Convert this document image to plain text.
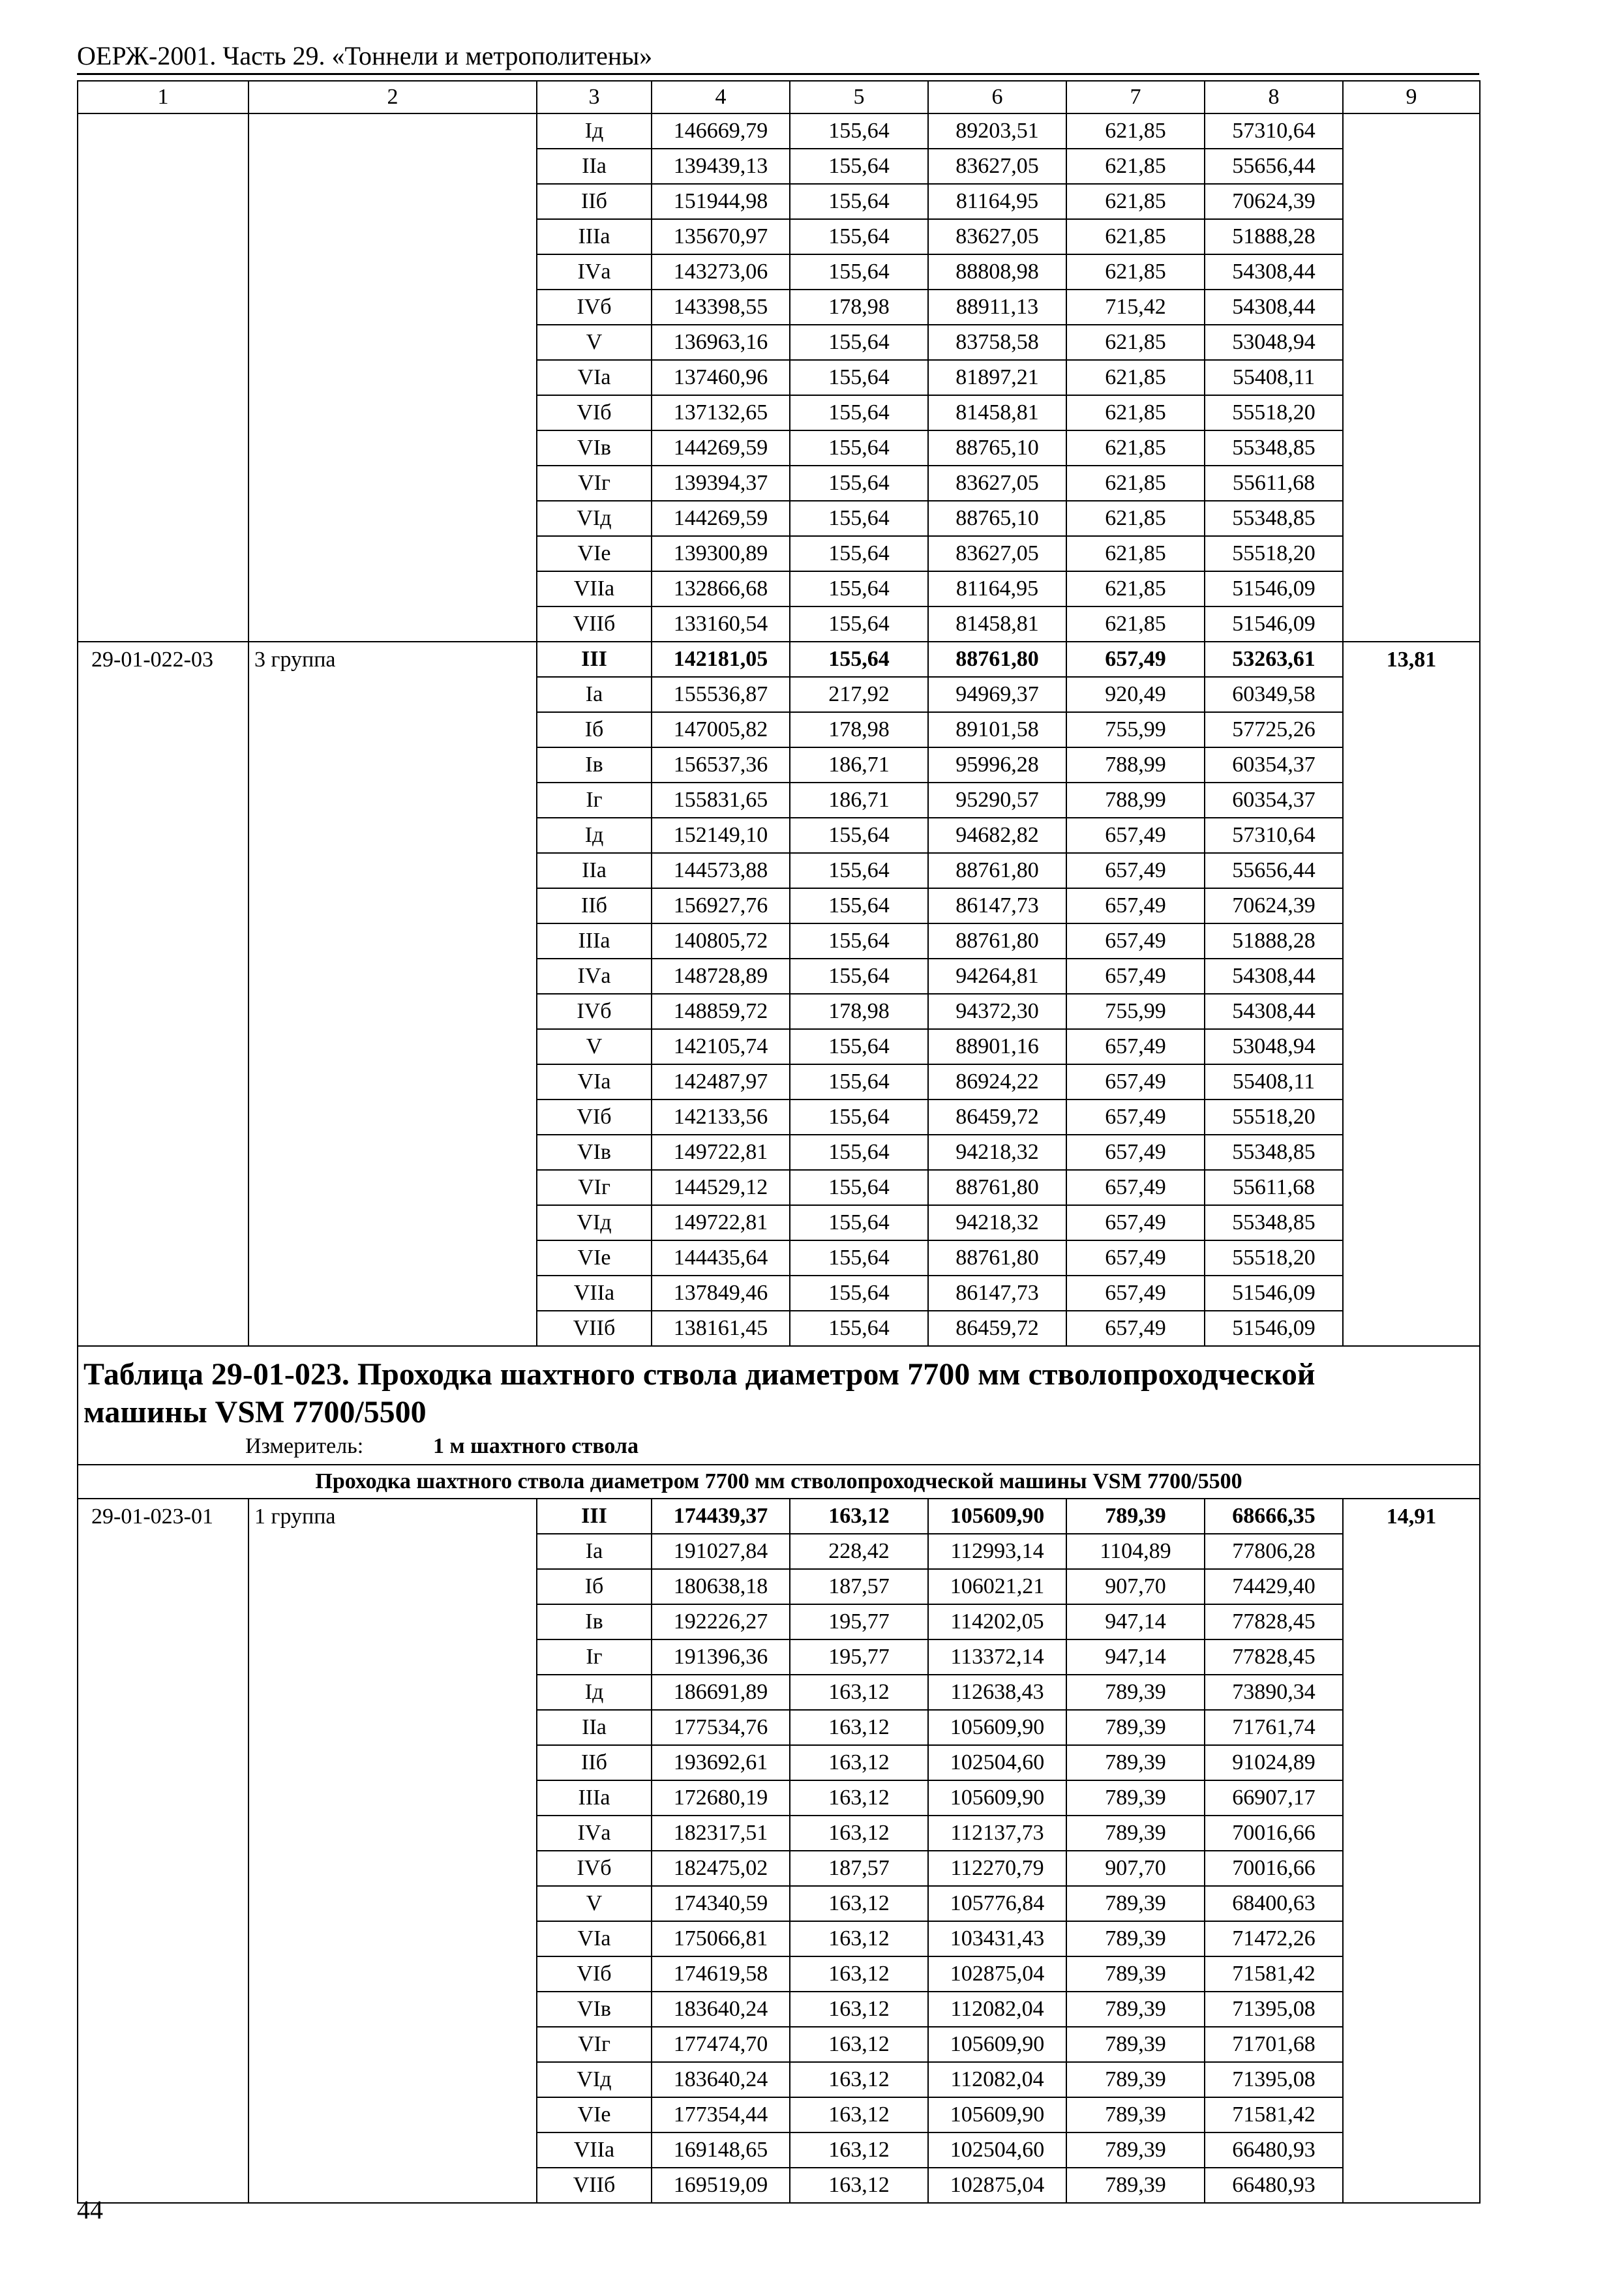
ОЕРЖ-2001. Часть 29. «Тоннели и метрополитены»
1	2	3	4	5	6	7	8	9
		Iд	146669,79	155,64	89203,51	621,85	57310,64	
		IIа	139439,13	155,64	83627,05	621,85	55656,44	
		IIб	151944,98	155,64	81164,95	621,85	70624,39	
		IIIа	135670,97	155,64	83627,05	621,85	51888,28	
		IVа	143273,06	155,64	88808,98	621,85	54308,44	
		IVб	143398,55	178,98	88911,13	715,42	54308,44	
		V	136963,16	155,64	83758,58	621,85	53048,94	
		VIа	137460,96	155,64	81897,21	621,85	55408,11	
		VIб	137132,65	155,64	81458,81	621,85	55518,20	
		VIв	144269,59	155,64	88765,10	621,85	55348,85	
		VIг	139394,37	155,64	83627,05	621,85	55611,68	
		VIд	144269,59	155,64	88765,10	621,85	55348,85	
		VIе	139300,89	155,64	83627,05	621,85	55518,20	
		VIIа	132866,68	155,64	81164,95	621,85	51546,09	
		VIIб	133160,54	155,64	81458,81	621,85	51546,09	
29-01-022-03	3 группа	III	142181,05	155,64	88761,80	657,49	53263,61	13,81
		Iа	155536,87	217,92	94969,37	920,49	60349,58	
		Iб	147005,82	178,98	89101,58	755,99	57725,26	
		Iв	156537,36	186,71	95996,28	788,99	60354,37	
		Iг	155831,65	186,71	95290,57	788,99	60354,37	
		Iд	152149,10	155,64	94682,82	657,49	57310,64	
		IIа	144573,88	155,64	88761,80	657,49	55656,44	
		IIб	156927,76	155,64	86147,73	657,49	70624,39	
		IIIа	140805,72	155,64	88761,80	657,49	51888,28	
		IVа	148728,89	155,64	94264,81	657,49	54308,44	
		IVб	148859,72	178,98	94372,30	755,99	54308,44	
		V	142105,74	155,64	88901,16	657,49	53048,94	
		VIа	142487,97	155,64	86924,22	657,49	55408,11	
		VIб	142133,56	155,64	86459,72	657,49	55518,20	
		VIв	149722,81	155,64	94218,32	657,49	55348,85	
		VIг	144529,12	155,64	88761,80	657,49	55611,68	
		VIд	149722,81	155,64	94218,32	657,49	55348,85	
		VIе	144435,64	155,64	88761,80	657,49	55518,20	
		VIIа	137849,46	155,64	86147,73	657,49	51546,09	
		VIIб	138161,45	155,64	86459,72	657,49	51546,09	

Таблица 29-01-023. Проходка шахтного ствола диаметром 7700 мм стволопроходческой
машины VSM 7700/5500
Измеритель: 1 м шахтного ствола								

Проходка шахтного ствола диаметром 7700 мм стволопроходческой машины VSM 7700/5500								
29-01-023-01	1 группа	III	174439,37	163,12	105609,90	789,39	68666,35	14,91
		Iа	191027,84	228,42	112993,14	1104,89	77806,28	
		Iб	180638,18	187,57	106021,21	907,70	74429,40	
		Iв	192226,27	195,77	114202,05	947,14	77828,45	
		Iг	191396,36	195,77	113372,14	947,14	77828,45	
		Iд	186691,89	163,12	112638,43	789,39	73890,34	
		IIа	177534,76	163,12	105609,90	789,39	71761,74	
		IIб	193692,61	163,12	102504,60	789,39	91024,89	
		IIIа	172680,19	163,12	105609,90	789,39	66907,17	
		IVа	182317,51	163,12	112137,73	789,39	70016,66	
		IVб	182475,02	187,57	112270,79	907,70	70016,66	
		V	174340,59	163,12	105776,84	789,39	68400,63	
		VIа	175066,81	163,12	103431,43	789,39	71472,26	
		VIб	174619,58	163,12	102875,04	789,39	71581,42	
		VIв	183640,24	163,12	112082,04	789,39	71395,08	
		VIг	177474,70	163,12	105609,90	789,39	71701,68	
		VIд	183640,24	163,12	112082,04	789,39	71395,08	
		VIе	177354,44	163,12	105609,90	789,39	71581,42	
		VIIа	169148,65	163,12	102504,60	789,39	66480,93	
		VIIб	169519,09	163,12	102875,04	789,39	66480,93	
44
